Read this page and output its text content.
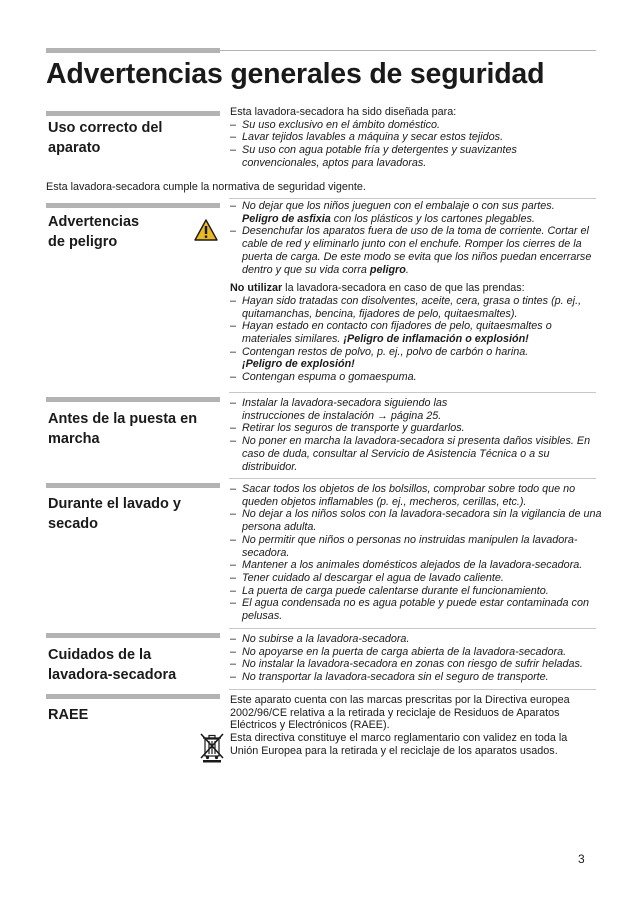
Advertencias generales de seguridad
Uso correcto del
aparato

Esta lavadora-secadora ha sido diseñada para:

– Su uso exclusivo en el ámbito doméstico.
– Lavar tejidos lavables a máquina y secar estos tejidos.
– Su uso con agua potable fría y detergentes y suavizantes convencionales, aptos para lavadoras.
Esta lavadora-secadora cumple la normativa de seguridad vigente.
Advertencias
de peligro
– No dejar que los niños jueguen con el embalaje o con sus partes.
Peligro de asfixia con los plásticos y los cartones plegables.
– Desenchufar los aparatos fuera de uso de la toma de corriente. Cortar el cable de red y eliminarlo junto con el enchufe. Romper los cierres de la puerta de carga. De este modo se evita que los niños puedan encerrarse dentro y que su vida corra peligro.

No utilizar la lavadora-secadora en caso de que las prendas:

– Hayan sido tratadas con disolventes, aceite, cera, grasa o tintes (p. ej., quitamanchas, bencina, fijadores de pelo, quitaesmaltes).
– Hayan estado en contacto con fijadores de pelo, quitaesmaltes o materiales similares. ¡Peligro de inflamación o explosión!
– Contengan restos de polvo, p. ej., polvo de carbón o harina.
¡Peligro de explosión!
– Contengan espuma o gomaespuma.
Antes de la puesta en
marcha
– Instalar la lavadora-secadora siguiendo las instrucciones de instalación → página 25.
– Retirar los seguros de transporte y guardarlos.
– No poner en marcha la lavadora-secadora si presenta daños visibles. En caso de duda, consultar al Servicio de Asistencia Técnica o a su distribuidor.
Durante el lavado y
secado
– Sacar todos los objetos de los bolsillos, comprobar sobre todo que no queden objetos inflamables (p. ej., mecheros, cerillas, etc.).
– No dejar a los niños solos con la lavadora-secadora sin la vigilancia de una persona adulta.
– No permitir que niños o personas no instruidas manipulen la lavadora-secadora.
– Mantener a los animales domésticos alejados de la lavadora-secadora.
– Tener cuidado al descargar el agua de lavado caliente.
– La puerta de carga puede calentarse durante el funcionamiento.
– El agua condensada no es agua potable y puede estar contaminada con pelusas.
Cuidados de la
lavadora-secadora
– No subirse a la lavadora-secadora.
– No apoyarse en la puerta de carga abierta de la lavadora-secadora.
– No instalar la lavadora-secadora en zonas con riesgo de sufrir heladas.
– No transportar la lavadora-secadora sin el seguro de transporte.
RAEE

Este aparato cuenta con las marcas prescritas por la Directiva europea 2002/96/CE relativa a la retirada y reciclaje de Residuos de Aparatos Eléctricos y Electrónicos (RAEE).

Esta directiva constituye el marco reglamentario con validez en toda la Unión Europea para la retirada y el reciclaje de los aparatos usados.

3
